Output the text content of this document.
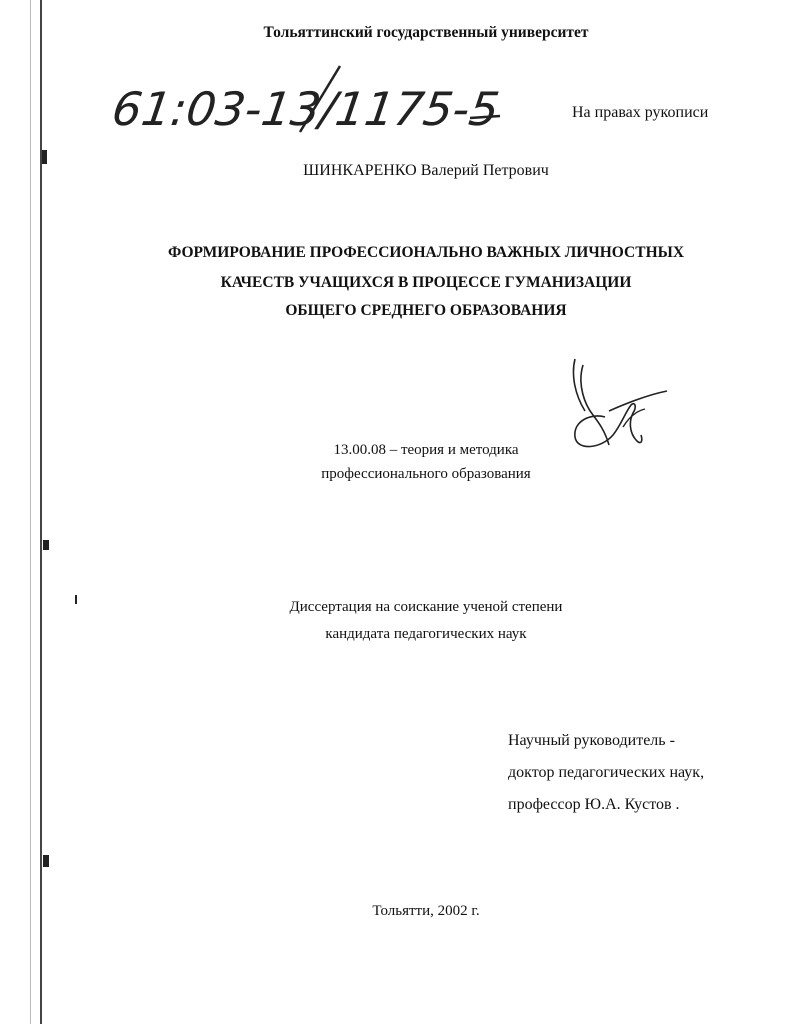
Тольяттинский государственный университет
61:03-13/1175-5	На правах рукописи
ШИНКАРЕНКО Валерий Петрович
ФОРМИРОВАНИЕ ПРОФЕССИОНАЛЬНО ВАЖНЫХ ЛИЧНОСТНЫХ
КАЧЕСТВ УЧАЩИХСЯ В ПРОЦЕССЕ ГУМАНИЗАЦИИ
ОБЩЕГО СРЕДНЕГО ОБРАЗОВАНИЯ
13.00.08 – теория и методика
профессионального образования
Диссертация на соискание ученой степени
кандидата педагогических наук
Научный руководитель -
доктор педагогических наук,
профессор Ю.А. Кустов .
Тольятти, 2002 г.
